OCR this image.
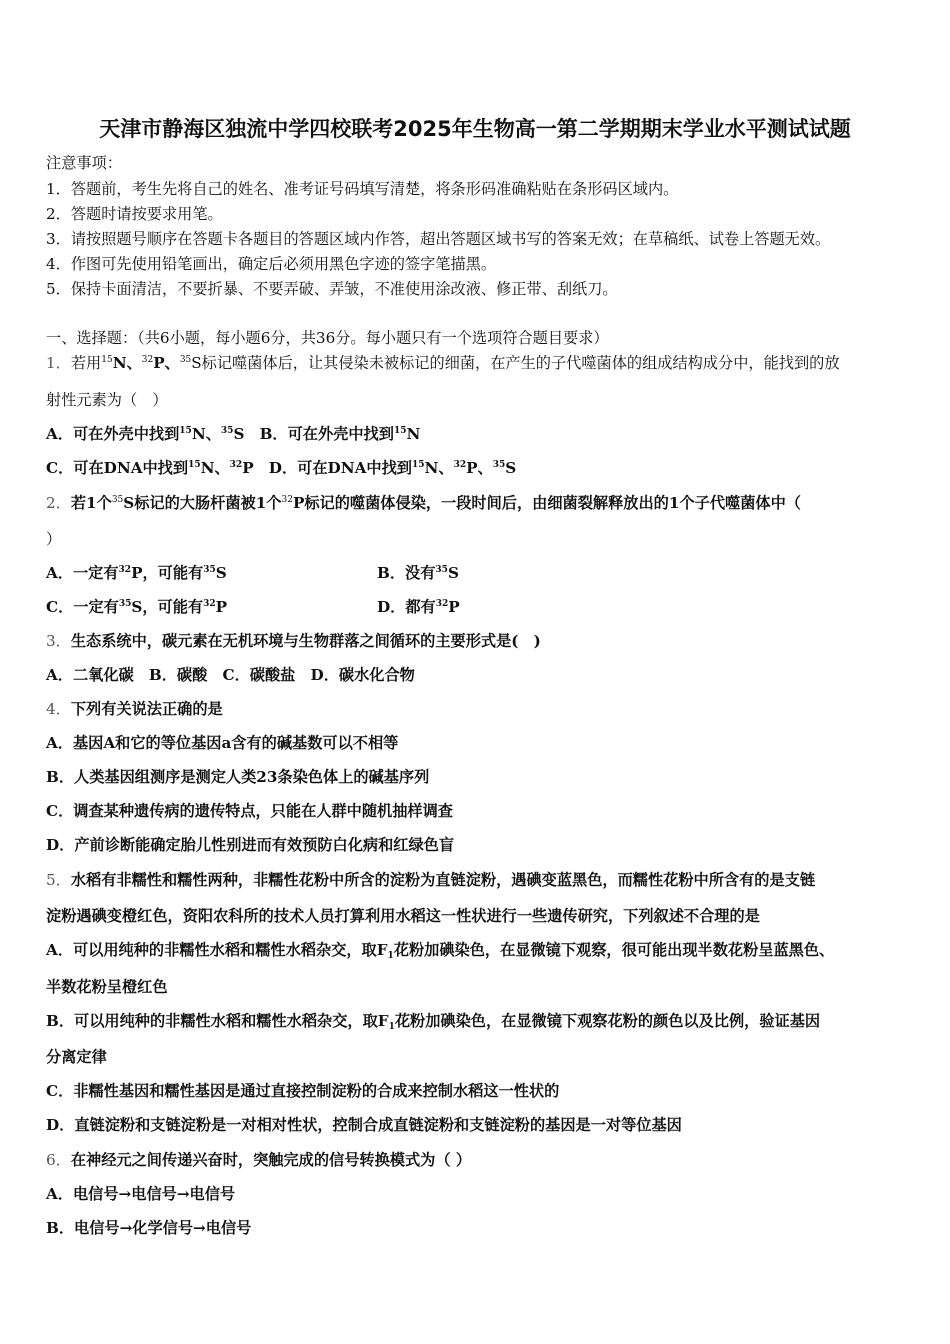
天津市静海区独流中学四校联考2025年生物高一第二学期期末学业水平测试试题
注意事项：
1．答题前，考生先将自己的姓名、准考证号码填写清楚，将条形码准确粘贴在条形码区域内。
2．答题时请按要求用笔。
3．请按照题号顺序在答题卡各题目的答题区域内作答，超出答题区域书写的答案无效；在草稿纸、试卷上答题无效。
4．作图可先使用铅笔画出，确定后必须用黑色字迹的签字笔描黑。
5．保持卡面清洁，不要折暴、不要弄破、弄皱，不准使用涂改液、修正带、刮纸刀。
一、选择题：（共6小题，每小题6分，共36分。每小题只有一个选项符合题目要求）
1．若用$^{15}$N、$^{32}$P、$^{35}$S标记噬菌体后，让其侵染未被标记的细菌，在产生的子代噬菌体的组成结构成分中，能找到的放
射性元素为（　）
A．可在外壳中找到$^{15}$N、$^{35}$S　B．可在外壳中找到$^{15}$N
C．可在DNA中找到$^{15}$N、$^{32}$P　D．可在DNA中找到$^{15}$N、$^{32}$P、$^{35}$S
2．若1个$^{35}$S标记的大肠杆菌被1个$^{32}$P标记的噬菌体侵染，一段时间后，由细菌裂解释放出的1个子代噬菌体中（
）
A．一定有$^{32}$P，可能有$^{35}$S	B．没有$^{35}$S
C．一定有$^{35}$S，可能有$^{32}$P	D．都有$^{32}$P
3．生态系统中，碳元素在无机环境与生物群落之间循环的主要形式是(　)
A．二氧化碳　B．碳酸　C．碳酸盐　D．碳水化合物
4．下列有关说法正确的是
A．基因A和它的等位基因a含有的碱基数可以不相等
B．人类基因组测序是测定人类23条染色体上的碱基序列
C．调查某种遗传病的遗传特点，只能在人群中随机抽样调查
D．产前诊断能确定胎儿性别进而有效预防白化病和红绿色盲
5．水稻有非糯性和糯性两种，非糯性花粉中所含的淀粉为直链淀粉，遇碘变蓝黑色，而糯性花粉中所含有的是支链
淀粉遇碘变橙红色，资阳农科所的技术人员打算利用水稻这一性状进行一些遗传研究，下列叙述不合理的是
A．可以用纯种的非糯性水稻和糯性水稻杂交，取$F_1$花粉加碘染色，在显微镜下观察，很可能出现半数花粉呈蓝黑色、
半数花粉呈橙红色
B．可以用纯种的非糯性水稻和糯性水稻杂交，取$F_1$花粉加碘染色，在显微镜下观察花粉的颜色以及比例，验证基因
分离定律
C．非糯性基因和糯性基因是通过直接控制淀粉的合成来控制水稻这一性状的
D．直链淀粉和支链淀粉是一对相对性状，控制合成直链淀粉和支链淀粉的基因是一对等位基因
6．在神经元之间传递兴奋时，突触完成的信号转换模式为（ ）
A．电信号→电信号→电信号
B．电信号→化学信号→电信号
